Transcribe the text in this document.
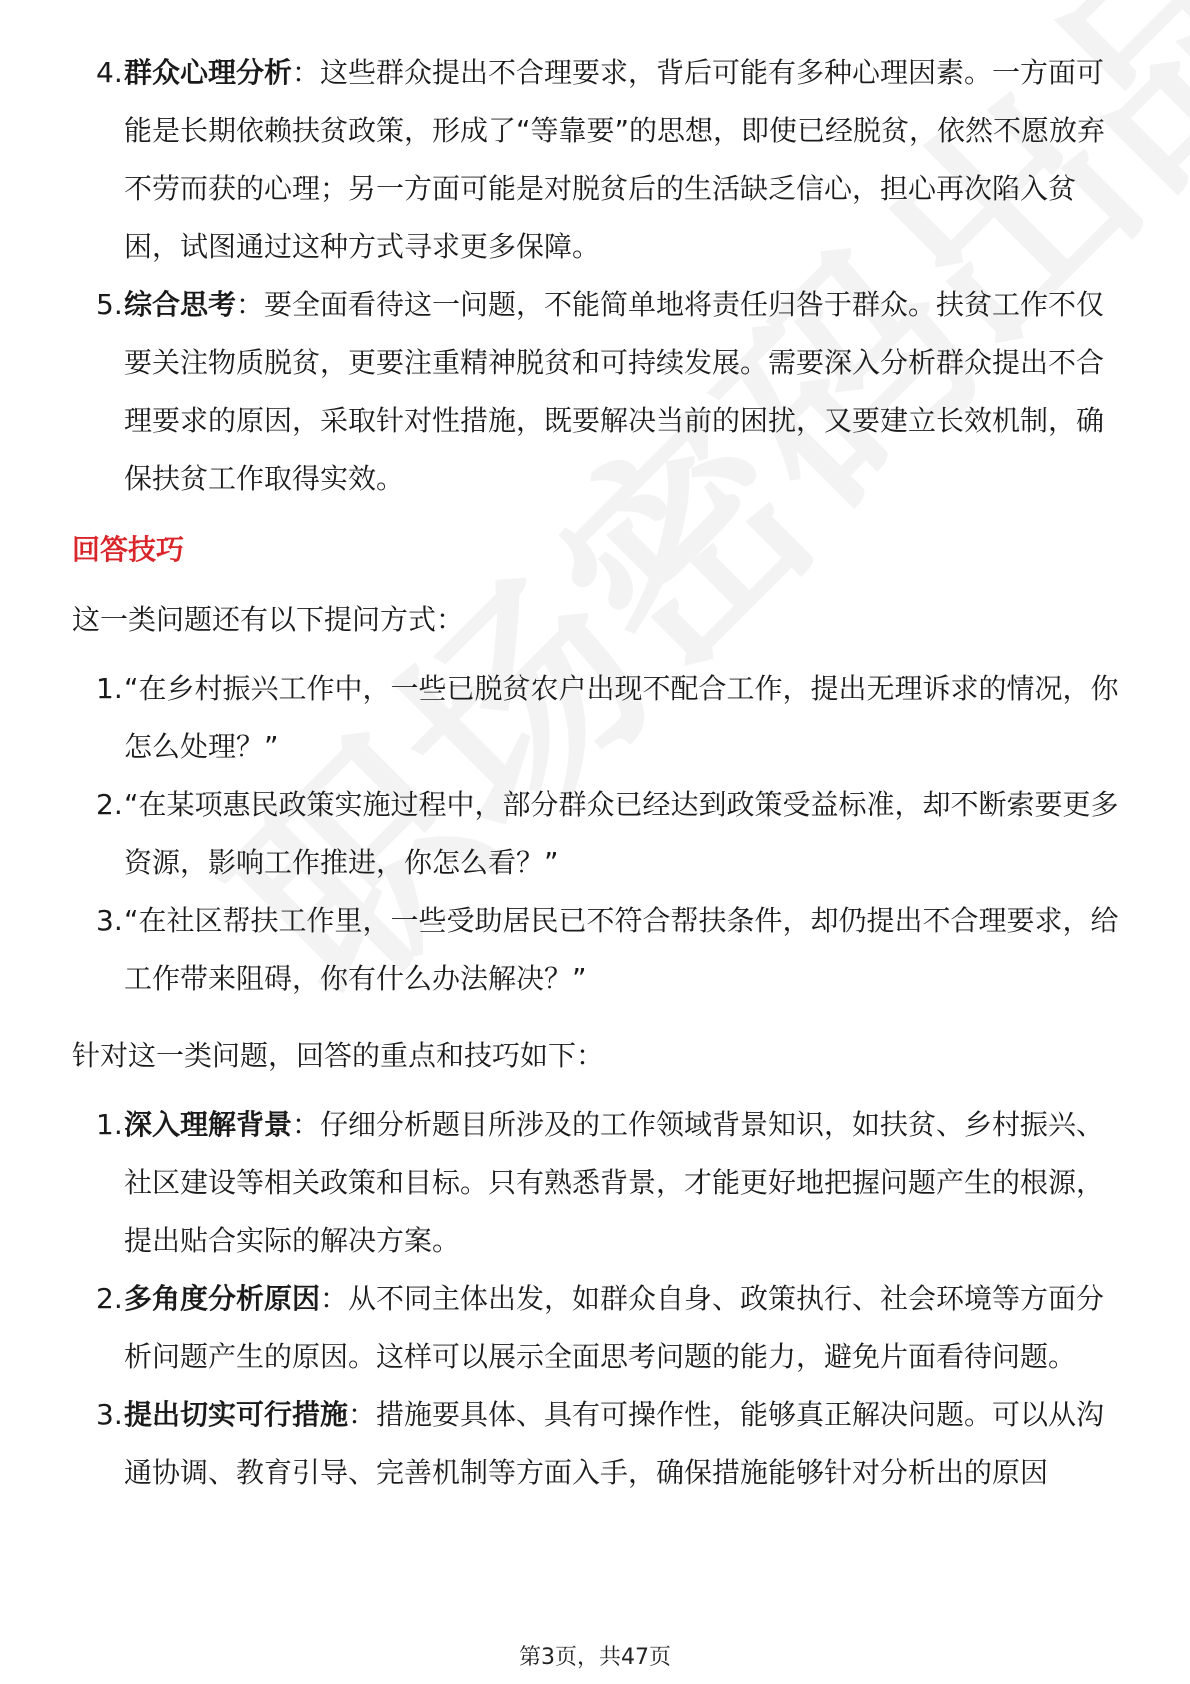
4. 群众心理分析：这些群众提出不合理要求，背后可能有多种心理因素。一方面可能是长期依赖扶贫政策，形成了“等靠要”的思想，即使已经脱贫，依然不愿放弃不劳而获的心理；另一方面可能是对脱贫后的生活缺乏信心，担心再次陷入贫困，试图通过这种方式寻求更多保障。
5. 综合思考：要全面看待这一问题，不能简单地将责任归咎于群众。扶贫工作不仅要关注物质脱贫，更要注重精神脱贫和可持续发展。需要深入分析群众提出不合理要求的原因，采取针对性措施，既要解决当前的困扰，又要建立长效机制，确保扶贫工作取得实效。
回答技巧

这一类问题还有以下提问方式：

1. “在乡村振兴工作中，一些已脱贫农户出现不配合工作，提出无理诉求的情况，你怎么处理？”
2. “在某项惠民政策实施过程中，部分群众已经达到政策受益标准，却不断索要更多资源，影响工作推进，你怎么看？”
3. “在社区帮扶工作里，一些受助居民已不符合帮扶条件，却仍提出不合理要求，给工作带来阻碍，你有什么办法解决？”

针对这一类问题，回答的重点和技巧如下：

1. 深入理解背景：仔细分析题目所涉及的工作领域背景知识，如扶贫、乡村振兴、社区建设等相关政策和目标。只有熟悉背景，才能更好地把握问题产生的根源，提出贴合实际的解决方案。
2. 多角度分析原因：从不同主体出发，如群众自身、政策执行、社会环境等方面分析问题产生的原因。这样可以展示全面思考问题的能力，避免片面看待问题。
3. 提出切实可行措施：措施要具体、具有可操作性，能够真正解决问题。可以从沟通协调、教育引导、完善机制等方面入手，确保措施能够针对分析出的原因
第3页，共47页
